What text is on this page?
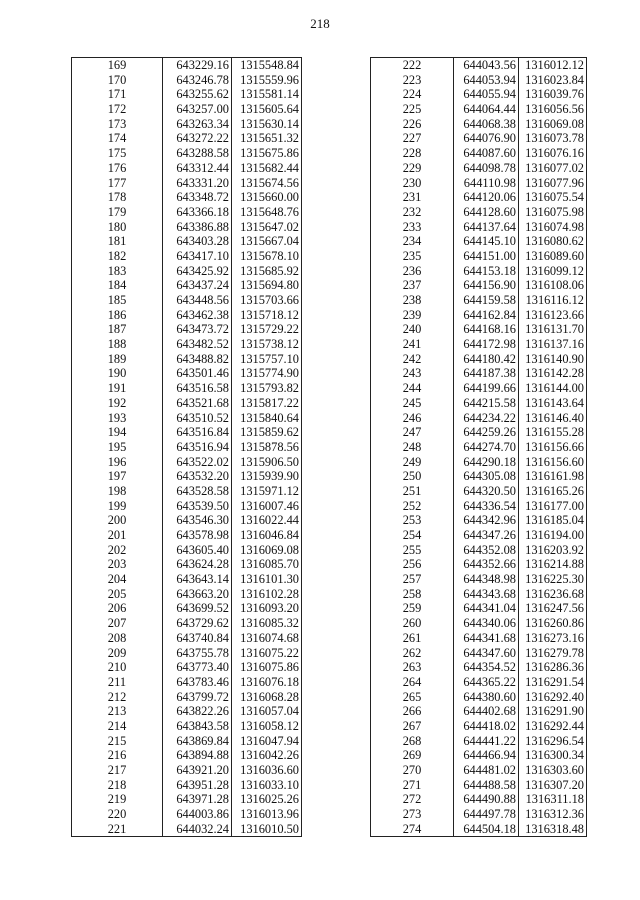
218
169	643229.16	1315548.84
170	643246.78	1315559.96
171	643255.62	1315581.14
172	643257.00	1315605.64
173	643263.34	1315630.14
174	643272.22	1315651.32
175	643288.58	1315675.86
176	643312.44	1315682.44
177	643331.20	1315674.56
178	643348.72	1315660.00
179	643366.18	1315648.76
180	643386.88	1315647.02
181	643403.28	1315667.04
182	643417.10	1315678.10
183	643425.92	1315685.92
184	643437.24	1315694.80
185	643448.56	1315703.66
186	643462.38	1315718.12
187	643473.72	1315729.22
188	643482.52	1315738.12
189	643488.82	1315757.10
190	643501.46	1315774.90
191	643516.58	1315793.82
192	643521.68	1315817.22
193	643510.52	1315840.64
194	643516.84	1315859.62
195	643516.94	1315878.56
196	643522.02	1315906.50
197	643532.20	1315939.90
198	643528.58	1315971.12
199	643539.50	1316007.46
200	643546.30	1316022.44
201	643578.98	1316046.84
202	643605.40	1316069.08
203	643624.28	1316085.70
204	643643.14	1316101.30
205	643663.20	1316102.28
206	643699.52	1316093.20
207	643729.62	1316085.32
208	643740.84	1316074.68
209	643755.78	1316075.22
210	643773.40	1316075.86
211	643783.46	1316076.18
212	643799.72	1316068.28
213	643822.26	1316057.04
214	643843.58	1316058.12
215	643869.84	1316047.94
216	643894.88	1316042.26
217	643921.20	1316036.60
218	643951.28	1316033.10
219	643971.28	1316025.26
220	644003.86	1316013.96
221	644032.24	1316010.50
222	644043.56	1316012.12
223	644053.94	1316023.84
224	644055.94	1316039.76
225	644064.44	1316056.56
226	644068.38	1316069.08
227	644076.90	1316073.78
228	644087.60	1316076.16
229	644098.78	1316077.02
230	644110.98	1316077.96
231	644120.06	1316075.54
232	644128.60	1316075.98
233	644137.64	1316074.98
234	644145.10	1316080.62
235	644151.00	1316089.60
236	644153.18	1316099.12
237	644156.90	1316108.06
238	644159.58	1316116.12
239	644162.84	1316123.66
240	644168.16	1316131.70
241	644172.98	1316137.16
242	644180.42	1316140.90
243	644187.38	1316142.28
244	644199.66	1316144.00
245	644215.58	1316143.64
246	644234.22	1316146.40
247	644259.26	1316155.28
248	644274.70	1316156.66
249	644290.18	1316156.60
250	644305.08	1316161.98
251	644320.50	1316165.26
252	644336.54	1316177.00
253	644342.96	1316185.04
254	644347.26	1316194.00
255	644352.08	1316203.92
256	644352.66	1316214.88
257	644348.98	1316225.30
258	644343.68	1316236.68
259	644341.04	1316247.56
260	644340.06	1316260.86
261	644341.68	1316273.16
262	644347.60	1316279.78
263	644354.52	1316286.36
264	644365.22	1316291.54
265	644380.60	1316292.40
266	644402.68	1316291.90
267	644418.02	1316292.44
268	644441.22	1316296.54
269	644466.94	1316300.34
270	644481.02	1316303.60
271	644488.58	1316307.20
272	644490.88	1316311.18
273	644497.78	1316312.36
274	644504.18	1316318.48
